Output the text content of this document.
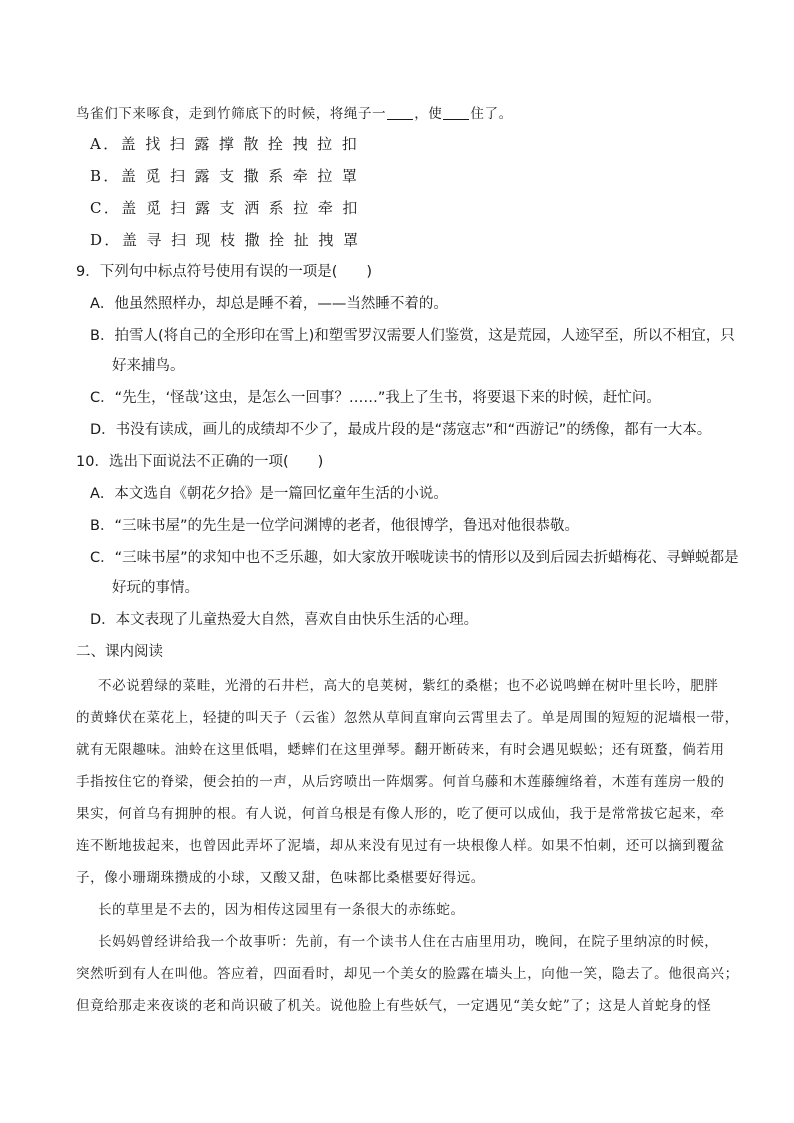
鸟雀们下来啄食，走到竹筛底下的时候，将绳子一 ，使 住了。
A．盖 找 扫 露 撑 散 拴 拽 拉 扣
B．盖 觅 扫 露 支 撒 系 牵 拉 罩
C．盖 觅 扫 露 支 洒 系 拉 牵 扣
D．盖 寻 扫 现 枝 撒 拴 扯 拽 罩
9．下列句中标点符号使用有误的一项是(　　)
A．他虽然照样办，却总是睡不着，——当然睡不着的。
B．拍雪人(将自己的全形印在雪上)和塑雪罗汉需要人们鉴赏，这是荒园，人迹罕至，所以不相宜，只
好来捕鸟。
C．“先生，‘怪哉’这虫，是怎么一回事？……”我上了生书，将要退下来的时候，赶忙问。
D．书没有读成，画儿的成绩却不少了，最成片段的是“荡寇志”和“西游记”的绣像，都有一大本。
10．选出下面说法不正确的一项(　　)
A．本文选自《朝花夕拾》是一篇回忆童年生活的小说。
B．“三味书屋”的先生是一位学问渊博的老者，他很博学，鲁迅对他很恭敬。
C．“三味书屋”的求知中也不乏乐趣，如大家放开喉咙读书的情形以及到后园去折蜡梅花、寻蝉蜕都是
好玩的事情。
D．本文表现了儿童热爱大自然，喜欢自由快乐生活的心理。
二、课内阅读
不必说碧绿的菜畦，光滑的石井栏，高大的皂荚树，紫红的桑椹；也不必说鸣蝉在树叶里长吟，肥胖
的黄蜂伏在菜花上，轻捷的叫天子（云雀）忽然从草间直窜向云霄里去了。单是周围的短短的泥墙根一带，
就有无限趣味。油蛉在这里低唱，蟋蟀们在这里弹琴。翻开断砖来，有时会遇见蜈蚣；还有斑蝥，倘若用
手指按住它的脊梁，便会拍的一声，从后窍喷出一阵烟雾。何首乌藤和木莲藤缠络着，木莲有莲房一般的
果实，何首乌有拥肿的根。有人说，何首乌根是有像人形的，吃了便可以成仙，我于是常常拔它起来，牵
连不断地拔起来，也曾因此弄坏了泥墙，却从来没有见过有一块根像人样。如果不怕刺，还可以摘到覆盆
子，像小珊瑚珠攒成的小球，又酸又甜，色味都比桑椹要好得远。
长的草里是不去的，因为相传这园里有一条很大的赤练蛇。
长妈妈曾经讲给我一个故事听：先前，有一个读书人住在古庙里用功，晚间，在院子里纳凉的时候，
突然听到有人在叫他。答应着，四面看时，却见一个美女的脸露在墙头上，向他一笑，隐去了。他很高兴；
但竟给那走来夜谈的老和尚识破了机关。说他脸上有些妖气，一定遇见“美女蛇”了；这是人首蛇身的怪
